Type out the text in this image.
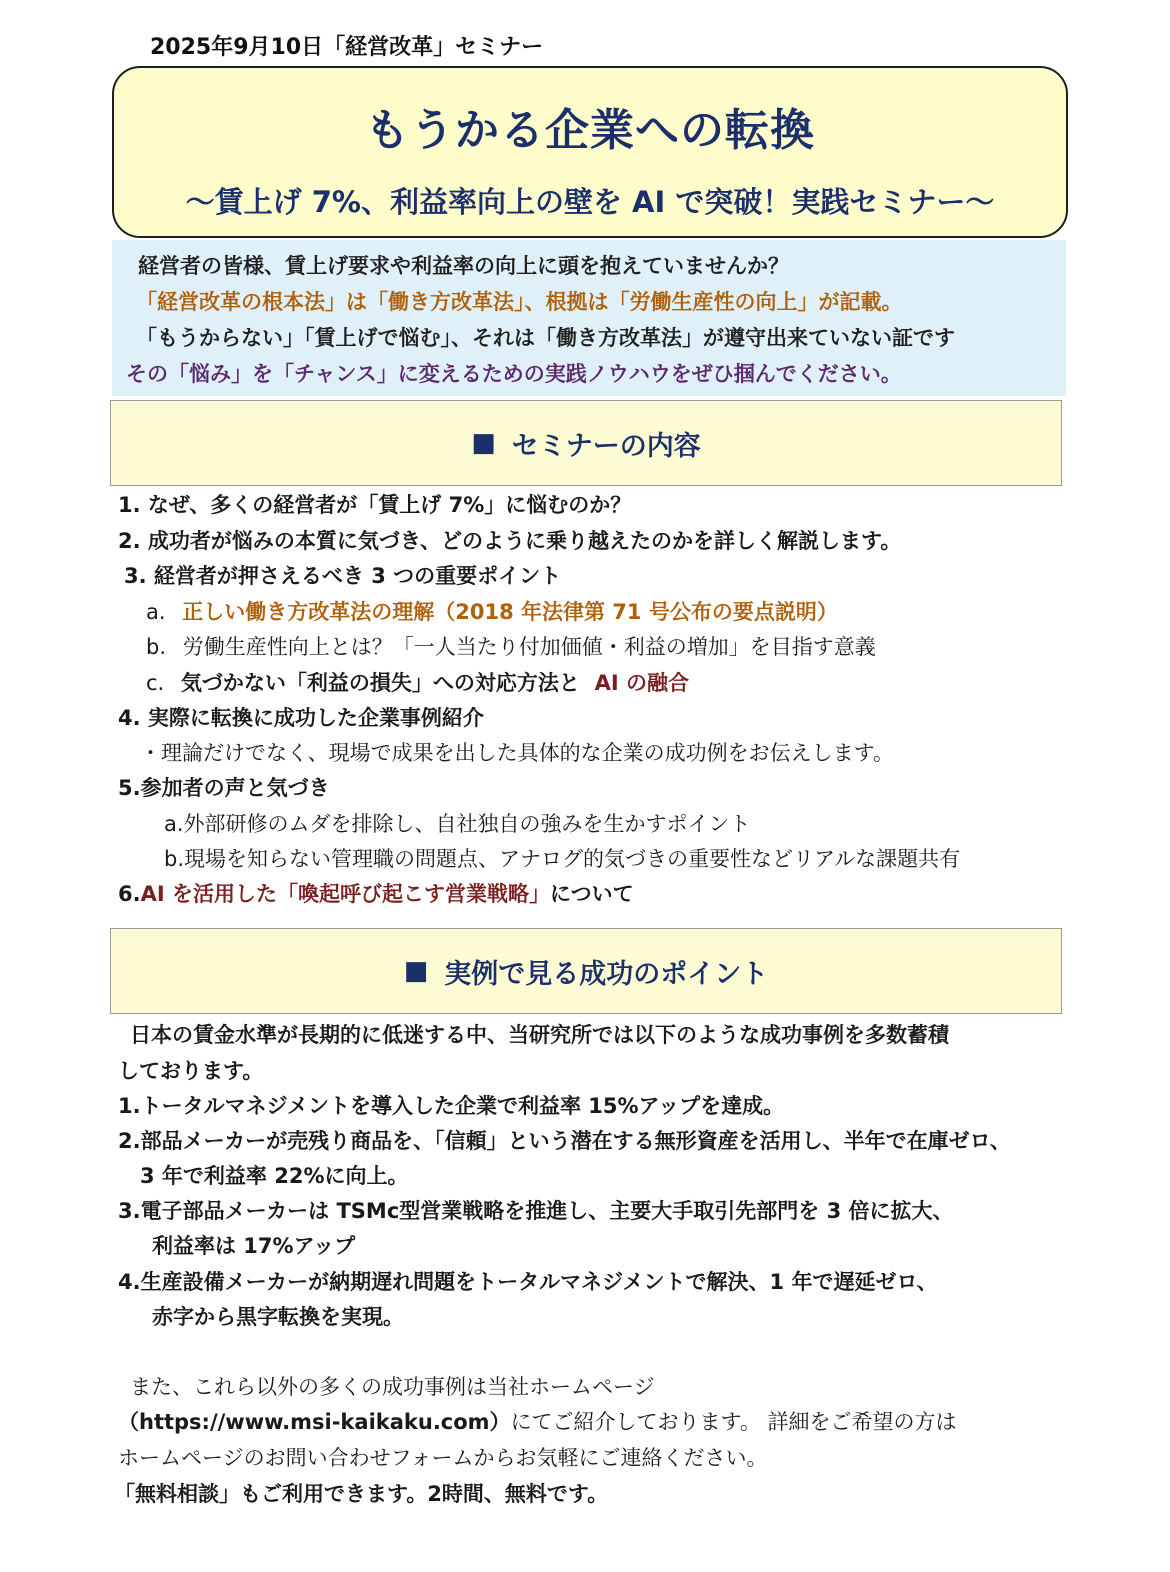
2025年9月10日「経営改革」セミナー
もうかる企業への転換
～賃上げ 7%、利益率向上の壁を AI で突破！実践セミナー～
経営者の皆様、賃上げ要求や利益率の向上に頭を抱えていませんか？
「経営改革の根本法」は「働き方改革法」、根拠は「労働生産性の向上」が記載。
「もうからない」「賃上げで悩む」、それは「働き方改革法」が遵守出来ていない証です
その「悩み」を「チャンス」に変えるための実践ノウハウをぜひ掴んでください。
■ セミナーの内容
1. なぜ、多くの経営者が「賃上げ 7%」に悩むのか？
2. 成功者が悩みの本質に気づき、どのように乗り越えたのかを詳しく解説します。
3. 経営者が押さえるべき 3 つの重要ポイント
a. 正しい働き方改革法の理解（2018 年法律第 71 号公布の要点説明）
b. 労働生産性向上とは？「一人当たり付加価値・利益の増加」を目指す意義
c. 気づかない「利益の損失」への対応方法と AI の融合
4. 実際に転換に成功した企業事例紹介
・理論だけでなく、現場で成果を出した具体的な企業の成功例をお伝えします。
5.参加者の声と気づき
a.外部研修のムダを排除し、自社独自の強みを生かすポイント
b.現場を知らない管理職の問題点、アナログ的気づきの重要性などリアルな課題共有
6.AI を活用した「喚起呼び起こす営業戦略」について
■ 実例で見る成功のポイント
日本の賃金水準が長期的に低迷する中、当研究所では以下のような成功事例を多数蓄積
しております。
1.トータルマネジメントを導入した企業で利益率 15%アップを達成。
2.部品メーカーが売残り商品を、「信頼」という潜在する無形資産を活用し、半年で在庫ゼロ、
3 年で利益率 22%に向上。
3.電子部品メーカーは TSMc型営業戦略を推進し、主要大手取引先部門を 3 倍に拡大、
利益率は 17%アップ
4.生産設備メーカーが納期遅れ問題をトータルマネジメントで解決、1 年で遅延ゼロ、
赤字から黒字転換を実現。
また、これら以外の多くの成功事例は当社ホームページ
（https://www.msi-kaikaku.com）にてご紹介しております。 詳細をご希望の方は
ホームページのお問い合わせフォームからお気軽にご連絡ください。
「無料相談」もご利用できます。2時間、無料です。
